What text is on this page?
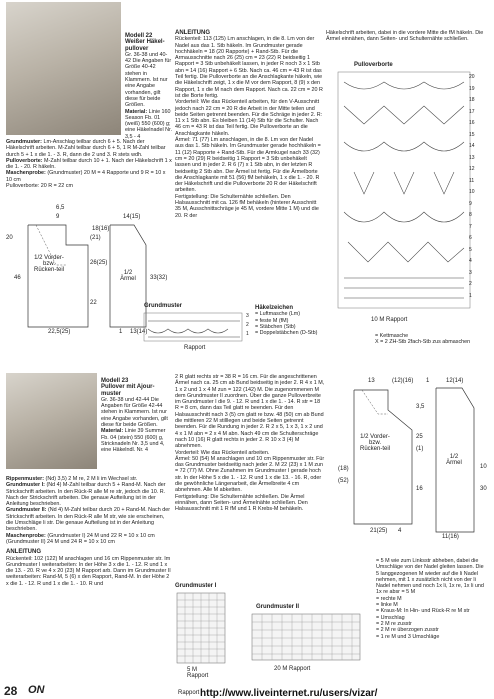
Modell 22
Weißer Häkel-pullover
Gr. 36-38 und 40-42 Die Angaben für Größe 40-42 stehen in Klammern. Ist nur eine Angabe vorhanden, gilt diese für beide Größen.
Material: Linie 160 Season Fb. 01 (weiß) 550 (600) g; eine Häkelnadel Nr. 3,5 - 4
Grundmuster: Lm-Anschlag teilbar durch 6 + 5. Nach der Häkelschrift arbeiten. M-Zahl teilbar durch 6 + 5, 1 R M-Zahl teilbar durch 5 + 1 x die 1. - 3. R, dann die 2 und 3. R stets wdh.
Pulloverborte: M-Zahl teilbar durch 10 + 1. Nach der Häkelschrift 1 x die 1. - 20. R häkeln.
Maschenprobe: (Grundmuster) 20 M = 4 Rapporte und 9 R = 10 x 10 cm
Pulloverborte: 20 R = 22 cm
6,5
9	14(15)
18(16)
20	(21)
26(25)
46
22
33(32)
22,5(25)	1 13(14)
1/2 Vorder- bzw. Rücken-teil	1/2 Ärmel
ANLEITUNG
Rückenteil: 113 (125) Lm anschlagen, in die 8. Lm von der Nadel aus das 1. Stb häkeln. Im Grundmuster gerade hochhäkeln = 18 (20 Rapporte) + Rand-Stb. Für die Armausschnitte nach 26 (25) cm = 23 (22) R beidseitig 1 Rapport = 3 Stb unbehäkelt lassen, in jeder R noch 3 x 1 Stb abn = 14 (16) Rapport + 6 Stb. Nach ca. 46 cm = 43 R ist das Teil fertig. Die Pulloverborte an die Anschlagkante häkeln, wie die Häkelschrift zeigt, 1 x die M vor dem Rapport, 8 (9) x den Rapport, 1 x die M nach dem Rapport. Nach ca. 22 cm = 20 R ist die Borte fertig.
Vorderteil: Wie das Rückenteil arbeiten, für den V-Ausschnitt jedoch nach 22 cm = 20 R die Arbeit in der Mitte teilen und beide Seiten getrennt beenden. Für die Schräge in jeder 2. R: 11 x 1 Stb abn. Es bleiben 11 (14) Stb für die Schulter. Nach 46 cm = 43 R ist das Teil fertig. Die Pulloverborte an die Anschlagkante häkeln.
Ärmel: 71 (77) Lm anschlagen, in die 8. Lm von der Nadel aus das 1. Stb häkeln. Im Grundmuster gerade hochhäkeln = 11 (12) Rapporte + Rand-Stb. Für die Armkugel nach 33 (32) cm = 20 (29) R beidseitig 1 Rapport = 3 Stb unbehäkelt lassen und in jeder 2. R 6 (7) x 1 Stb abn, in der letzten R beidseitig 2 Stb abn. Der Ärmel ist fertig. Für die Ärmelborte die Anschlagkante mit 51 (56) fM behäkeln, 1 x die 1. - 20. R der Häkelschrift und die Pulloverborte 20 R der Häkelschrift arbeiten.
Fertigstellung: Die Schulternähte schließen. Den Halsausschnitt mit ca. 126 fM behäkeln (hinterer Ausschnitt 35 M, Ausschnittschräge je 45 M, vordere Mitte 1 M) und die 20. R der
Häkelschrift arbeiten, dabei in die vordere Mitte die fM häkeln. Die Ärmel einnähen, dann Seiten- und Schulternähte schließen.
Pulloverborte
10 M Rapport
20
19
18
17
16
15
14
13
12
11
10
9
8
7
6
5
4
3
2
1
Grundmuster
3
2
1
Rapport
Häkelzeichen
= Luftmasche (Lm)
= feste M (fM)
= Stäbchen (Stb)
= Doppelstäbchen (D-Stb)	= Kettmasche
X = 2 ZH-Stb 2fach-Stb zus abmaschen
Modell 23
Pullover mit Ajour-muster
Gr. 36-38 und 42-44 Die Angaben für Größe 42-44 stehen in Klammern. Ist nur eine Angabe vorhanden, gilt diese für beide Größen.
Material: Linie 39 Summer Fb. 04 (stein) 550 (600) g, Stricknadeln Nr. 3,5 und 4, eine Häkelndl. Nr. 4
Rippenmuster: (Nd) 3,5) 2 M re, 2 M li im Wechsel str.
Grundmuster I: (Nd 4) M-Zahl teilbar durch 5 + Rand-M. Nach der Strickschrift arbeiten. In den Rück-R alle M re str, jedoch die 10. R. Nach der Strickschrift arbeiten. Die genaue Aufteilung ist in der Anleitung beschrieben.
Grundmuster II: (Nd 4) M-Zahl teilbar durch 20 + Rand-M. Nach der Strickschrift arbeiten. In den Rück-R alle M str, wie sie erscheinen, die Umschläge li str. Die genaue Aufteilung ist in der Anleitung beschrieben.
Maschenprobe: (Grundmuster I) 24 M und 22 R = 10 x 10 cm (Grundmuster II) 24 M und 24 R = 10 x 10 cm
ANLEITUNG
Rückenteil: 102 (122) M anschlagen und 16 cm Rippenmuster str. Im Grundmuster I weiterarbeiten: In der Höhe 3 x die 1. - 12. R und 1 x die 13. - 20. R ve 4 x 20 (23) M Rapport arb. Dann im Grundmuster II weiterarbeiten: Rand-M, 5 (6) x den Rapport, Rand-M. In der Höhe 2 x die 1. - 12. R und 1 x die 1. - 10. R und
2 R glatt rechts str = 38 R = 16 cm. Für die angeschrittenen Ärmel nach ca. 25 cm ab Bund beidseitig in jeder 2. R 4 x 1 M, 1 x 2 und 1 x 4 M zun = 122 (142) M. Die zugenommenen M dem Grundmuster II zuordnen. Über die ganze Pulloverbreite im Grundmuster I die 9. - 12. R und 1 x die 1. - 14. R str = 18 R = 8 cm, dann das Teil glatt re beenden. Für den Halsausschnitt nach 3 (5) cm glatt re bzw. 48 (50) cm ab Bund die mittleren 22 M stilllegen und beide Seiten getrennt beenden. Für die Rundung in jeder 2. R 2 x 5, 1 x 3, 1 x 2 und 4 x 1 M abn = 2 x 4 M abn. Nach 49 cm die Schulterschräge nach 10 (16) R glatt rechts in jeder 2. R 10 x 3 (4) M abnehmen.
Vorderteil: Wie das Rückenteil arbeiten.
Ärmel: 50 (54) M anschlagen und 10 cm Rippenmuster str. Für das Grundmuster beidseitig nach jeder 2. M 22 (23) x 1 M zun = 72 (77) M. Ohne Zunahmen im Grundmuster I gerade hoch str. In der Höhe 5 x die 1. - 12. R und 1 x die 13. - 16. R, oder die gewöhnliche Längenarbeit, die Ärmelbreite 4 cm abnehmen. Alle M abketten.
Fertigstellung: Die Schulternähte schließen. Die Ärmel einnähen, dann Seiten- und Ärmelnähte schließen. Den Halsausschnitt mit 1 R fM und 1 R Krebs-M behäkeln.
13	(12)(16) 1	12(14)
3,5
25
(1)
10
(18)
16	30
(52)
21(25) 4
11(16)
1/2 Vorder- bzw. Rücken-teil
1/2 Ärmel
= 5 M wie zum Linksstr abheben, dabei die Umschläge von der Nadel gleiten lassen. Die 5 langgezogenen M wieder auf die li Nadel nehmen, mit 1 x zusätzlich nicht von der li Nadel nehmen und noch 1x li, 1x re, 1x li und 1x re absr = 5 M
= rechte M
= linke M
= Kraus-M: In Hin- und Rück-R re M str
= Umschlag
= 2 M re zusstr
= 2 M re überzogen zusstr
= 1 re M und 3 Umschläge
Grundmuster I
5 M Rapport
Grundmuster II
20 M Rapport
Rapport
28 ON	http://www.liveinternet.ru/users/vizar/
